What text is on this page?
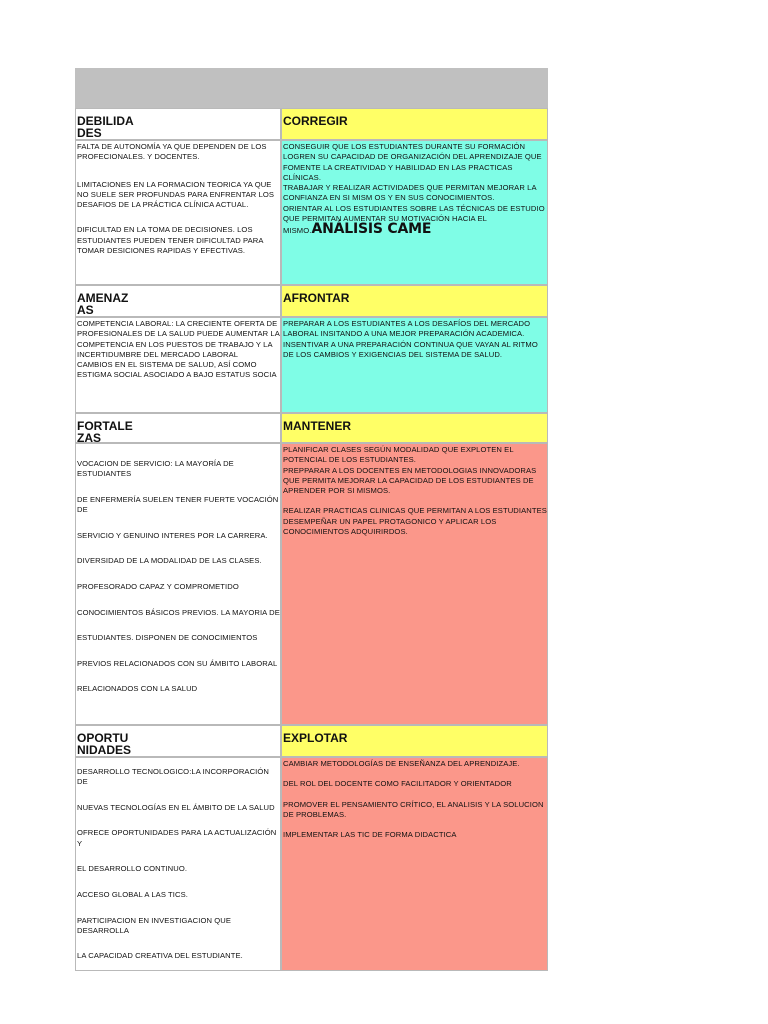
DEBILIDA
DES
CORREGIR

FALTA DE AUTONOMÍA YA QUE DEPENDEN DE LOS PROFECIONALES. Y DOCENTES.

LIMITACIONES EN LA FORMACION TEORICA YA QUE NO SUELE SER PROFUNDAS PARA ENFRENTAR LOS DESAFIOS DE LA PRÁCTICA CLÍNICA ACTUAL.

DIFICULTAD EN LA TOMA DE DECISIONES. LOS ESTUDIANTES PUEDEN TENER DIFICULTAD PARA TOMAR DESICIONES RAPIDAS Y EFECTIVAS.

CONSEGUIR QUE LOS ESTUDIANTES DURANTE SU FORMACIÓN LOGREN SU CAPACIDAD DE ORGANIZACIÓN DEL APRENDIZAJE QUE FOMENTE LA CREATIVIDAD Y HABILIDAD EN LAS PRACTICAS CLÍNICAS.

TRABAJAR Y REALIZAR ACTIVIDADES QUE PERMITAN MEJORAR LA CONFIANZA EN SI MISM OS Y EN SUS CONOCIMIENTOS.

ORIENTAR AL LOS ESTUDIANTES SOBRE LAS TÉCNICAS DE ESTUDIO QUE PERMITAN AUMENTAR SU MOTIVACIÓN HACIA EL

MISMO.ANÁLISIS CAME

AMENAZ
AS
AFRONTAR

COMPETENCIA LABORAL: LA CRECIENTE OFERTA DE PROFESIONALES DE LA SALUD PUEDE AUMENTAR LA COMPETENCIA EN LOS PUESTOS DE TRABAJO Y LA INCERTIDUMBRE DEL MERCADO LABORAL

CAMBIOS EN EL SISTEMA DE SALUD, ASÍ COMO ESTIGMA SOCIAL ASOCIADO A BAJO ESTATUS SOCIA

PREPARAR A LOS ESTUDIANTES A LOS DESAFÍOS DEL MERCADO LABORAL INSITANDO A UNA MEJOR PREPARACIÓN ACADEMICA.

INSENTIVAR A UNA PREPARACIÓN CONTINUA QUE VAYAN AL RITMO DE LOS CAMBIOS Y EXIGENCIAS DEL SISTEMA DE SALUD.

FORTALE
ZAS
MANTENER

VOCACION DE SERVICIO: LA MAYORÍA DE ESTUDIANTES

DE ENFERMERÍA SUELEN TENER FUERTE VOCACIÓN DE

SERVICIO Y GENUINO INTERES POR LA CARRERA.

DIVERSIDAD DE LA MODALIDAD DE LAS CLASES.

PROFESORADO CAPAZ Y COMPROMETIDO

CONOCIMIENTOS BÁSICOS PREVIOS. LA MAYORIA DE

ESTUDIANTES. DISPONEN DE CONOCIMIENTOS

PREVIOS RELACIONADOS CON SU ÁMBITO LABORAL

RELACIONADOS CON LA SALUD

PLANIFICAR CLASES SEGÚN MODALIDAD QUE EXPLOTEN EL POTENCIAL DE LOS ESTUDIANTES.

PREPPARAR A LOS DOCENTES EN METODOLOGIAS INNOVADORAS QUE PERMITA MEJORAR LA CAPACIDAD DE LOS ESTUDIANTES DE APRENDER POR SI MISMOS.

REALIZAR PRACTICAS CLINICAS QUE PERMITAN A LOS ESTUDIANTES DESEMPEÑAR UN PAPEL PROTAGONICO Y APLICAR LOS CONOCIMIENTOS ADQUIRIRDOS.

OPORTU
NIDADES
EXPLOTAR

DESARROLLO TECNOLOGICO:LA INCORPORACIÓN DE

NUEVAS TECNOLOGÍAS EN EL ÁMBITO DE LA SALUD

OFRECE OPORTUNIDADES PARA LA ACTUALIZACIÓN Y

EL DESARROLLO CONTINUO.

ACCESO GLOBAL A LAS TICS.

PARTICIPACION EN INVESTIGACION QUE DESARROLLA

LA CAPACIDAD CREATIVA DEL ESTUDIANTE.

CAMBIAR METODOLOGÍAS DE ENSEÑANZA DEL APRENDIZAJE.

DEL ROL DEL DOCENTE COMO FACILITADOR Y ORIENTADOR

PROMOVER EL PENSAMIENTO CRÍTICO, EL ANALISIS Y LA SOLUCION DE PROBLEMAS.

IMPLEMENTAR LAS TIC DE FORMA DIDACTICA
